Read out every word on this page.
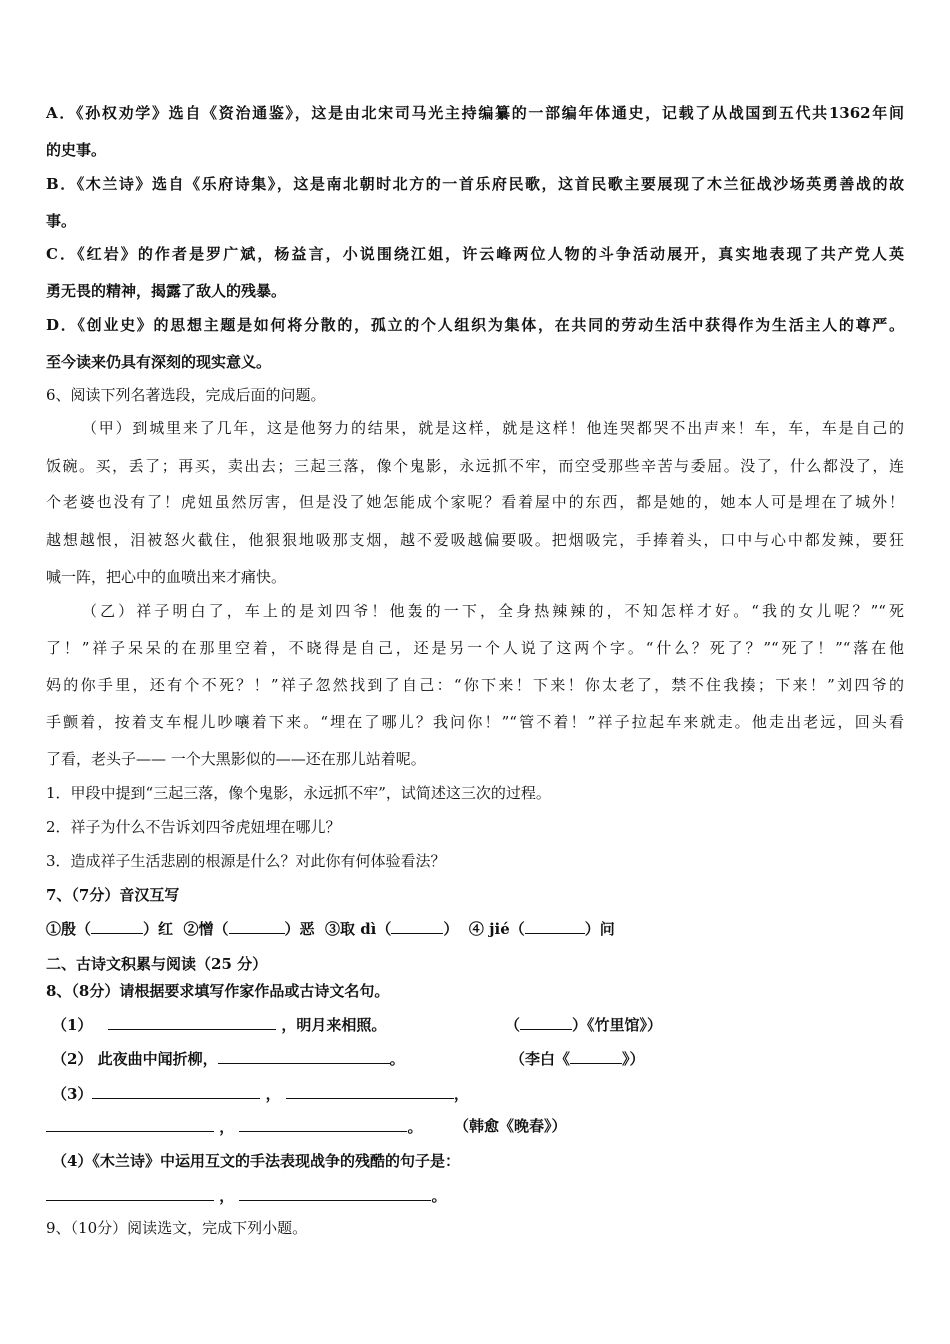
A．《孙权劝学》选自《资治通鉴》，这是由北宋司马光主持编纂的一部编年体通史，记载了从战国到五代共1362年间
的史事。
B．《木兰诗》选自《乐府诗集》，这是南北朝时北方的一首乐府民歌，这首民歌主要展现了木兰征战沙场英勇善战的故
事。
C．《红岩》的作者是罗广斌，杨益言，小说围绕江姐，许云峰两位人物的斗争活动展开，真实地表现了共产党人英
勇无畏的精神，揭露了敌人的残暴。
D．《创业史》的思想主题是如何将分散的，孤立的个人组织为集体，在共同的劳动生活中获得作为生活主人的尊严。
至今读来仍具有深刻的现实意义。
6、阅读下列名著选段，完成后面的问题。
（甲）到城里来了几年，这是他努力的结果，就是这样，就是这样！他连哭都哭不出声来！车，车，车是自己的
饭碗。买，丢了；再买，卖出去；三起三落，像个鬼影，永远抓不牢，而空受那些辛苦与委屈。没了，什么都没了，连
个老婆也没有了！虎妞虽然厉害，但是没了她怎能成个家呢？看着屋中的东西，都是她的，她本人可是埋在了城外！
越想越恨，泪被怒火截住，他狠狠地吸那支烟，越不爱吸越偏要吸。把烟吸完，手捧着头，口中与心中都发辣，要狂
喊一阵，把心中的血喷出来才痛快。
（乙）祥子明白了，车上的是刘四爷！他轰的一下，全身热辣辣的，不知怎样才好。“我的女儿呢？”“死
了！”祥子呆呆的在那里空着，不晓得是自己，还是另一个人说了这两个字。“什么？死了？”“死了！”“落在他
妈的你手里，还有个不死？！”祥子忽然找到了自己：“你下来！下来！你太老了，禁不住我揍；下来！”刘四爷的
手颤着，按着支车棍儿吵嚷着下来。“埋在了哪儿？我问你！”“管不着！”祥子拉起车来就走。他走出老远，回头看
了看，老头子—— 一个大黑影似的——还在那儿站着呢。
1．甲段中提到“三起三落，像个鬼影，永远抓不牢”，试简述这三次的过程。
2．祥子为什么不告诉刘四爷虎妞埋在哪儿？
3．造成祥子生活悲剧的根源是什么？对此你有何体验看法？
7、（7分）音汉互写
①殷（	）红 ②憎（	）恶 ③取 dì（	） ④ jié（	）问
二、古诗文积累与阅读（25 分）
8、（8分）请根据要求填写作家作品或古诗文名句。
（1）	，明月来相照。	（	）《竹里馆》）
（2） 此夜曲中闻折柳，	。	（李白《	》）
（3）	，	，
，	。 （韩愈《晚春》）
（4）《木兰诗》中运用互文的手法表现战争的残酷的句子是：
，	。
9、（10分）阅读选文，完成下列小题。
